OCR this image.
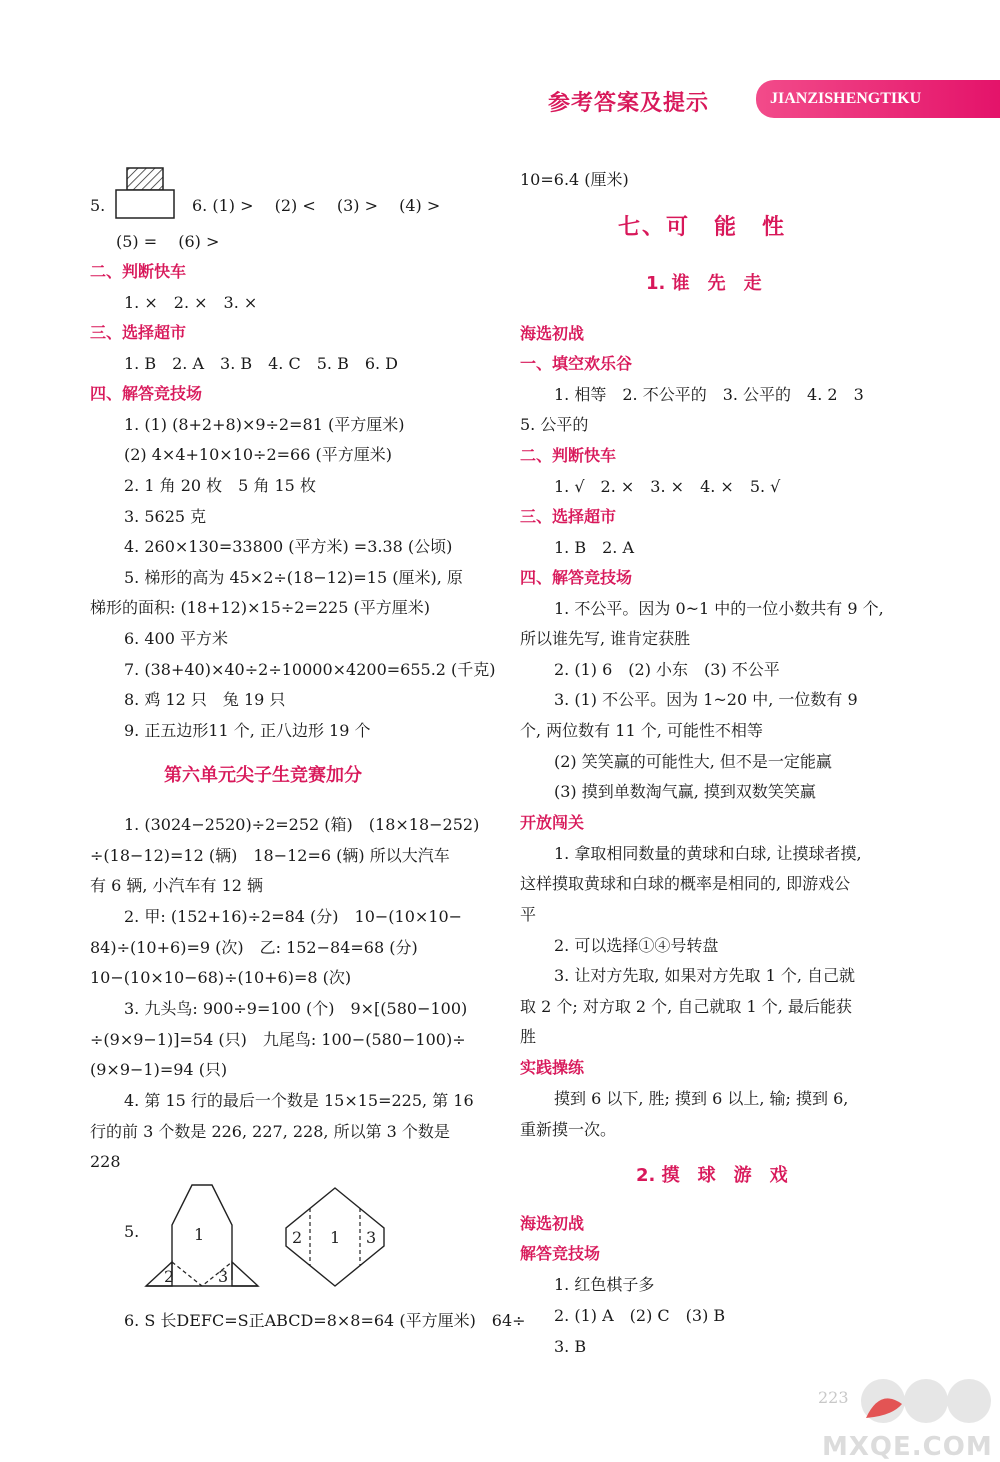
参考答案及提示	JIANZISHENGTIKU
5.	6. (1) >　 (2) <　 (3) >　 (4) >
(5) =　 (6) >
二、判断快车
1. ×　2. ×　3. ×
三、选择超市
1. B　2. A　3. B　4. C　5. B　6. D
四、解答竞技场
1. (1) (8+2+8)×9÷2=81 (平方厘米)
(2) 4×4+10×10÷2=66 (平方厘米)
2. 1 角 20 枚　5 角 15 枚
3. 5625 克
4. 260×130=33800 (平方米) =3.38 (公顷)
5. 梯形的高为 45×2÷(18−12)=15 (厘米), 原
梯形的面积: (18+12)×15÷2=225 (平方厘米)
6. 400 平方米
7. (38+40)×40÷2÷10000×4200=655.2 (千克)
8. 鸡 12 只　兔 19 只
9. 正五边形11 个, 正八边形 19 个
第六单元尖子生竞赛加分
1. (3024−2520)÷2=252 (箱)　(18×18−252)
÷(18−12)=12 (辆)　18−12=6 (辆) 所以大汽车
有 6 辆, 小汽车有 12 辆
2. 甲: (152+16)÷2=84 (分)　10−(10×10−
84)÷(10+6)=9 (次)　乙: 152−84=68 (分)
10−(10×10−68)÷(10+6)=8 (次)
3. 九头鸟: 900÷9=100 (个)　9×[(580−100)
÷(9×9−1)]=54 (只)　九尾鸟: 100−(580−100)÷
(9×9−1)=94 (只)
4. 第 15 行的最后一个数是 15×15=225, 第 16
行的前 3 个数是 226, 227, 228, 所以第 3 个数是
228
5.	1
2	3
2 1 3
6. S 长DEFC=S正ABCD=8×8=64 (平方厘米)　64÷
10=6.4 (厘米)
七、可　能　性
1. 谁　先　走
海选初战
一、填空欢乐谷
1. 相等　2. 不公平的　3. 公平的　4. 2　3
5. 公平的
二、判断快车
1. √　2. ×　3. ×　4. ×　5. √
三、选择超市
1. B　2. A
四、解答竞技场
1. 不公平。因为 0~1 中的一位小数共有 9 个,
所以谁先写, 谁肯定获胜
2. (1) 6　(2) 小东　(3) 不公平
3. (1) 不公平。因为 1~20 中, 一位数有 9
个, 两位数有 11 个, 可能性不相等
(2) 笑笑赢的可能性大, 但不是一定能赢
(3) 摸到单数淘气赢, 摸到双数笑笑赢
开放闯关
1. 拿取相同数量的黄球和白球, 让摸球者摸,
这样摸取黄球和白球的概率是相同的, 即游戏公
平
2. 可以选择①④号转盘
3. 让对方先取, 如果对方先取 1 个, 自己就
取 2 个; 对方取 2 个, 自己就取 1 个, 最后能获
胜
实践操练
摸到 6 以下, 胜; 摸到 6 以上, 输; 摸到 6,
重新摸一次。
2. 摸　球　游　戏
海选初战
解答竞技场
1. 红色棋子多
2. (1) A　(2) C　(3) B
3. B
223
MXQE.COM
